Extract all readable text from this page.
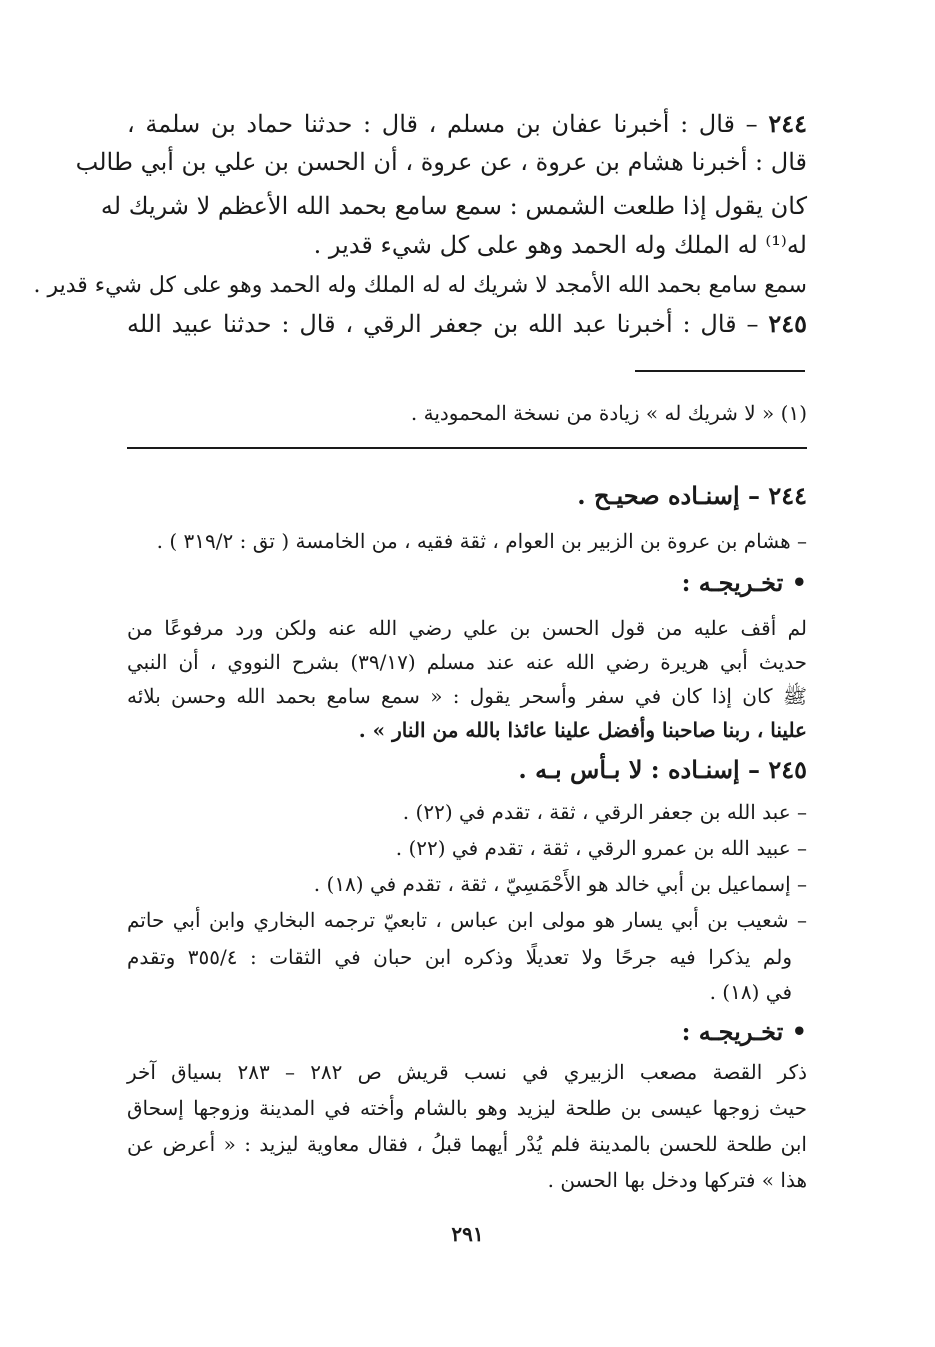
٢٤٤ – قال : أخبرنا عفان بن مسلم ، قال : حدثنا حماد بن سلمة ،
قال : أخبرنا هشام بن عروة ، عن عروة ، أن الحسن بن علي بن أبي طالب
كان يقول إذا طلعت الشمس : سمع سامع بحمد الله الأعظم لا شريك له
له⁽¹⁾ له الملك وله الحمد وهو على كل شيء قدير .
سمع سامع بحمد الله الأمجد لا شريك له له الملك وله الحمد وهو على كل شيء قدير .
٢٤٥ – قال : أخبرنا عبد الله بن جعفر الرقي ، قال : حدثنا عبيد الله
(١) « لا شريك له » زيادة من نسخة المحمودية .
٢٤٤ – إسنـاده صحيـح .
– هشام بن عروة بن الزبير بن العوام ، ثقة فقيه ، من الخامسة ( تق : ٣١٩/٢ ) .
• تخـريجـه :
لم أقف عليه من قول الحسن بن علي رضي الله عنه ولكن ورد مرفوعًا من
حديث أبي هريرة رضي الله عنه عند مسلم (٣٩/١٧) بشرح النووي ، أن النبي
ﷺ كان إذا كان في سفر وأسحر يقول : « سمع سامع بحمد الله وحسن بلائه
علينا ، ربنا صاحبنا وأفضل علينا عائذا بالله من النار » .
٢٤٥ – إسنـاده : لا بـأس بـه .
– عبد الله بن جعفر الرقي ، ثقة ، تقدم في (٢٢) .
– عبيد الله بن عمرو الرقي ، ثقة ، تقدم في (٢٢) .
– إسماعيل بن أبي خالد هو الأَحْمَسِيّ ، ثقة ، تقدم في (١٨) .
– شعيب بن أبي يسار هو مولى ابن عباس ، تابعيّ ترجمه البخاري وابن أبي حاتم
ولم يذكرا فيه جرحًا ولا تعديلًا وذكره ابن حبان في الثقات : ٣٥٥/٤ وتقدم
في (١٨) .
• تخـريجـه :
ذكر القصة مصعب الزبيري في نسب قريش ص ٢٨٢ – ٢٨٣ بسياق آخر
حيث زوجها عيسى بن طلحة ليزيد وهو بالشام وأخته في المدينة وزوجها إسحاق
ابن طلحة للحسن بالمدينة فلم يُدْر أيهما قبلُ ، فقال معاوية ليزيد : « أعرض عن
هذا » فتركها ودخل بها الحسن .
٢٩١
